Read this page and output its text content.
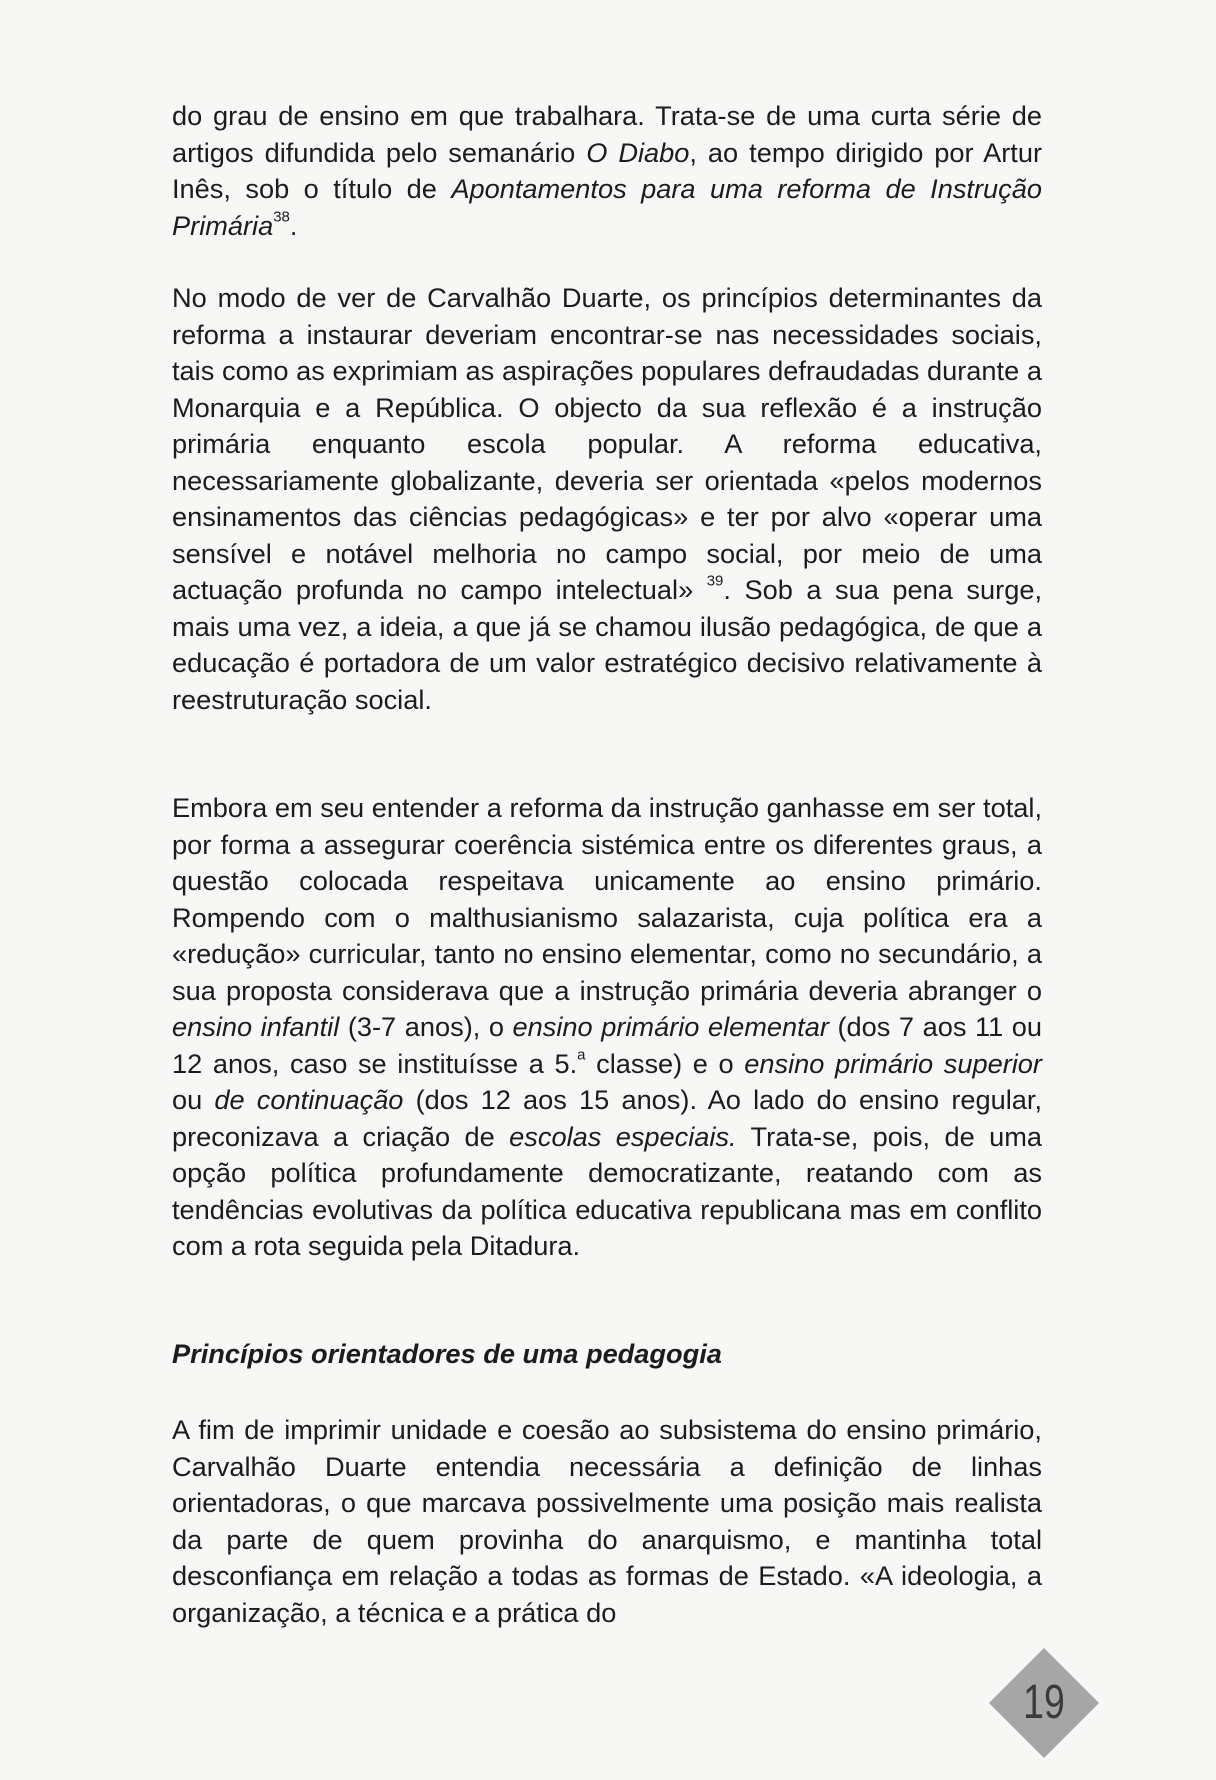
do grau de ensino em que trabalhara. Trata-se de uma curta série de artigos difundida pelo semanário O Diabo, ao tempo dirigido por Artur Inês, sob o título de Apontamentos para uma reforma de Instrução Primária$^{38}$.

No modo de ver de Carvalhão Duarte, os princípios determinantes da reforma a instaurar deveriam encontrar-se nas necessidades sociais, tais como as exprimiam as aspirações populares defraudadas durante a Monarquia e a República. O objecto da sua reflexão é a instrução primária enquanto escola popular. A reforma educativa, necessariamente globalizante, deveria ser orientada «pelos modernos ensinamentos das ciências pedagógicas» e ter por alvo «operar uma sensível e notável melhoria no campo social, por meio de uma actuação profunda no campo intelectual» $^{39}$. Sob a sua pena surge, mais uma vez, a ideia, a que já se chamou ilusão pedagógica, de que a educação é portadora de um valor estratégico decisivo relativamente à reestruturação social.

Embora em seu entender a reforma da instrução ganhasse em ser total, por forma a assegurar coerência sistémica entre os diferentes graus, a questão colocada respeitava unicamente ao ensino primário. Rompendo com o malthusianismo salazarista, cuja política era a «redução» curricular, tanto no ensino elementar, como no secundário, a sua proposta considerava que a instrução primária deveria abranger o ensino infantil (3-7 anos), o ensino primário elementar (dos 7 aos 11 ou 12 anos, caso se instituísse a 5.$^a$ classe) e o ensino primário superior ou de continuação (dos 12 aos 15 anos). Ao lado do ensino regular, preconizava a criação de escolas especiais. Trata-se, pois, de uma opção política profundamente democratizante, reatando com as tendências evolutivas da política educativa republicana mas em conflito com a rota seguida pela Ditadura.

Princípios orientadores de uma pedagogia

A fim de imprimir unidade e coesão ao subsistema do ensino primário, Carvalhão Duarte entendia necessária a definição de linhas orientadoras, o que marcava possivelmente uma posição mais realista da parte de quem provinha do anarquismo, e mantinha total desconfiança em relação a todas as formas de Estado. «A ideologia, a organização, a técnica e a prática do

19
